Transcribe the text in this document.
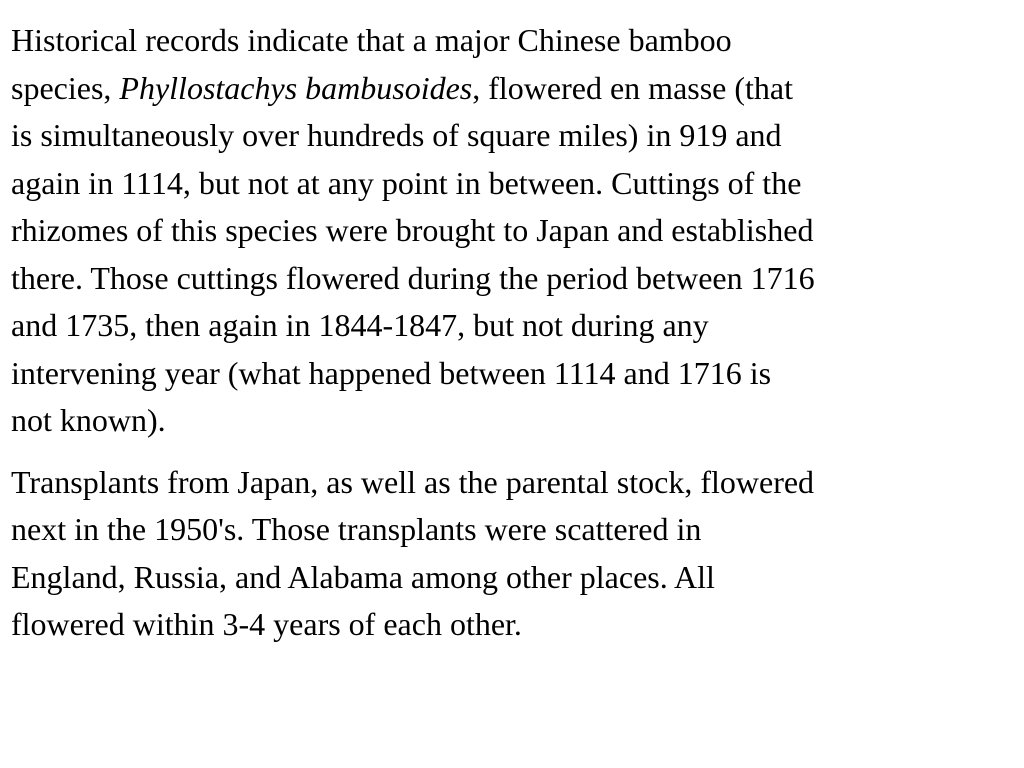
Historical records indicate that a major Chinese bamboo
species, Phyllostachys bambusoides, flowered en masse (that
is simultaneously over hundreds of square miles) in 919 and
again in 1114, but not at any point in between. Cuttings of the
rhizomes of this species were brought to Japan and established
there. Those cuttings flowered during the period between 1716
and 1735, then again in 1844-1847, but not during any
intervening year (what happened between 1114 and 1716 is
not known).

Transplants from Japan, as well as the parental stock, flowered
next in the 1950's. Those transplants were scattered in
England, Russia, and Alabama among other places. All
flowered within 3-4 years of each other.
